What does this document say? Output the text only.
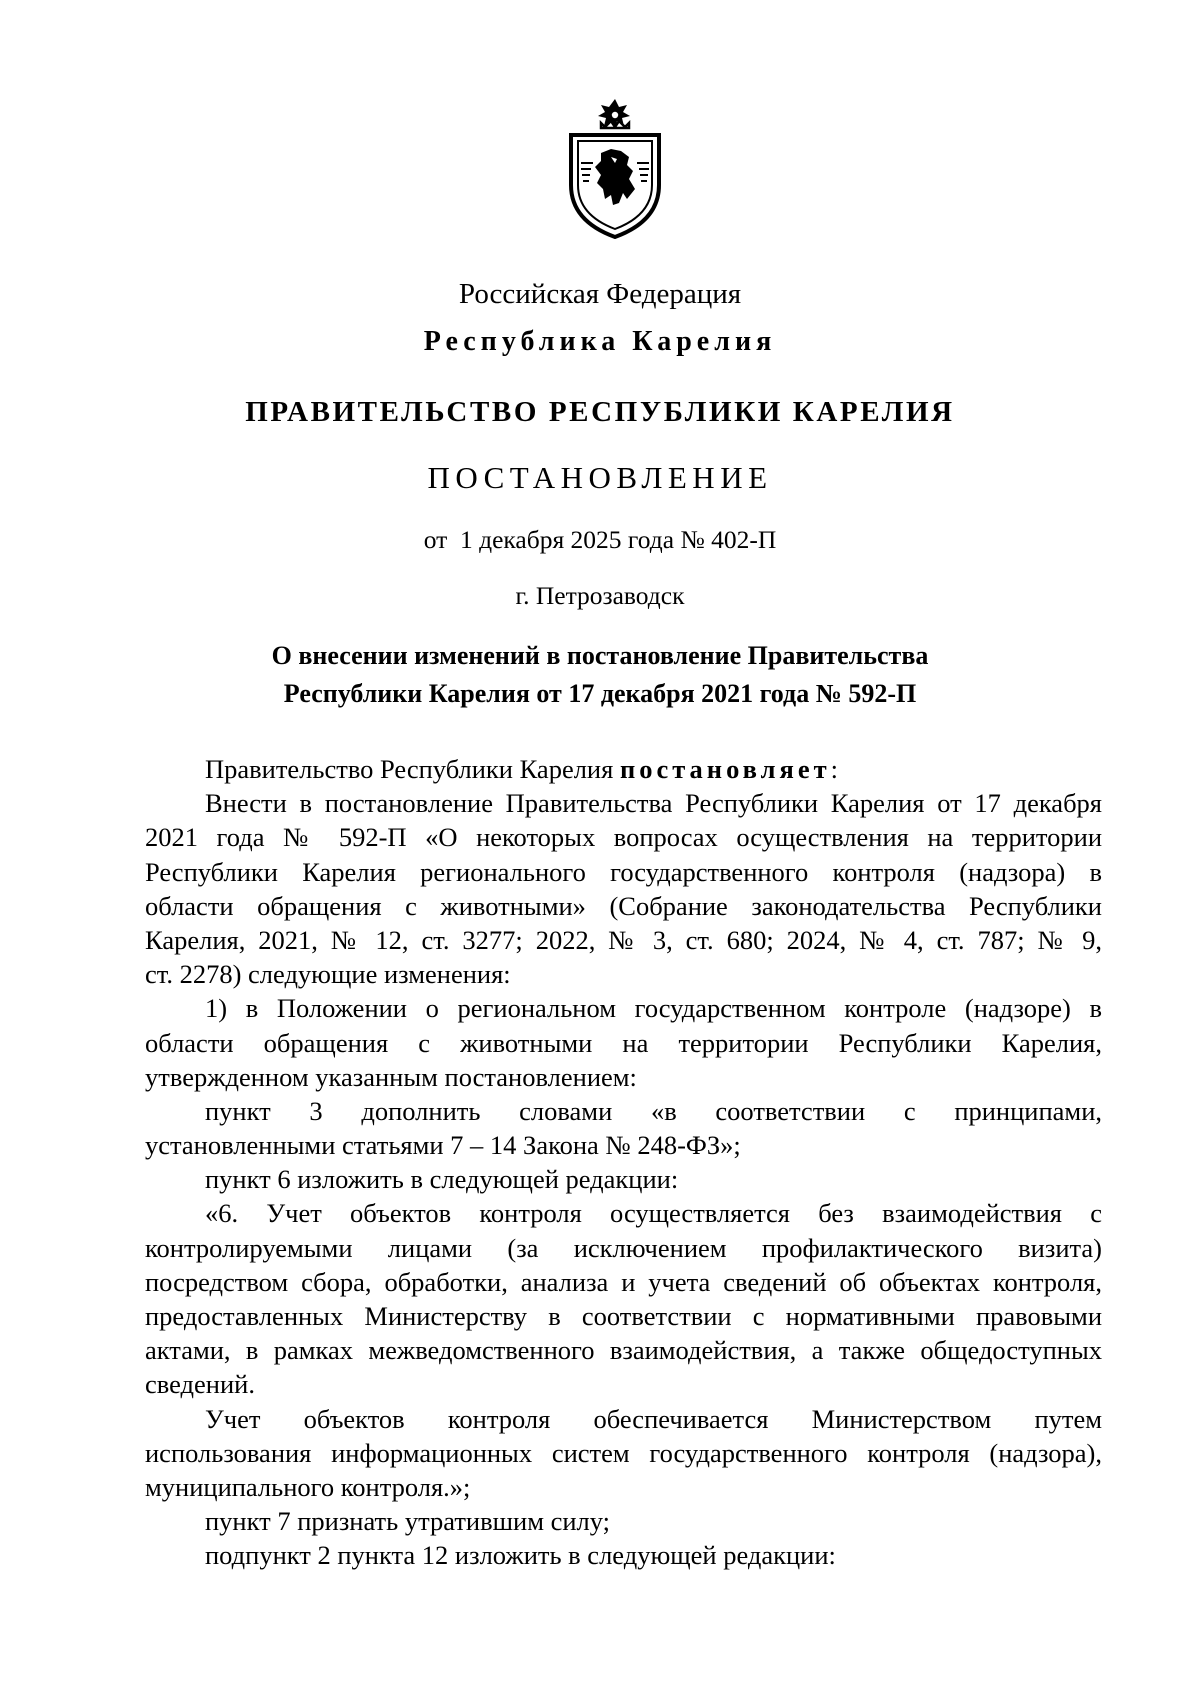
Российская Федерация
Республика Карелия
ПРАВИТЕЛЬСТВО РЕСПУБЛИКИ КАРЕЛИЯ
ПОСТАНОВЛЕНИЕ
от  1 декабря 2025 года № 402-П
г. Петрозаводск
О внесении изменений в постановление Правительства
Республики Карелия от 17 декабря 2021 года № 592-П
Правительство Республики Карелия постановляет:
Внести в постановление Правительства Республики Карелия от 17 декабря
2021 года № 592-П «О некоторых вопросах осуществления на территории
Республики Карелия регионального государственного контроля (надзора) в
области обращения с животными» (Собрание законодательства Республики
Карелия, 2021, № 12, ст. 3277; 2022, № 3, ст. 680; 2024, № 4, ст. 787; № 9,
ст. 2278) следующие изменения:
1) в Положении о региональном государственном контроле (надзоре) в
области обращения с животными на территории Республики Карелия,
утвержденном указанным постановлением:
пункт 3 дополнить словами «в соответствии с принципами,
установленными статьями 7 – 14 Закона № 248-ФЗ»;
пункт 6 изложить в следующей редакции:
«6. Учет объектов контроля осуществляется без взаимодействия с
контролируемыми лицами (за исключением профилактического визита)
посредством сбора, обработки, анализа и учета сведений об объектах контроля,
предоставленных Министерству в соответствии с нормативными правовыми
актами, в рамках межведомственного взаимодействия, а также общедоступных
сведений.
Учет объектов контроля обеспечивается Министерством путем
использования информационных систем государственного контроля (надзора),
муниципального контроля.»;
пункт 7 признать утратившим силу;
подпункт 2 пункта 12 изложить в следующей редакции:
